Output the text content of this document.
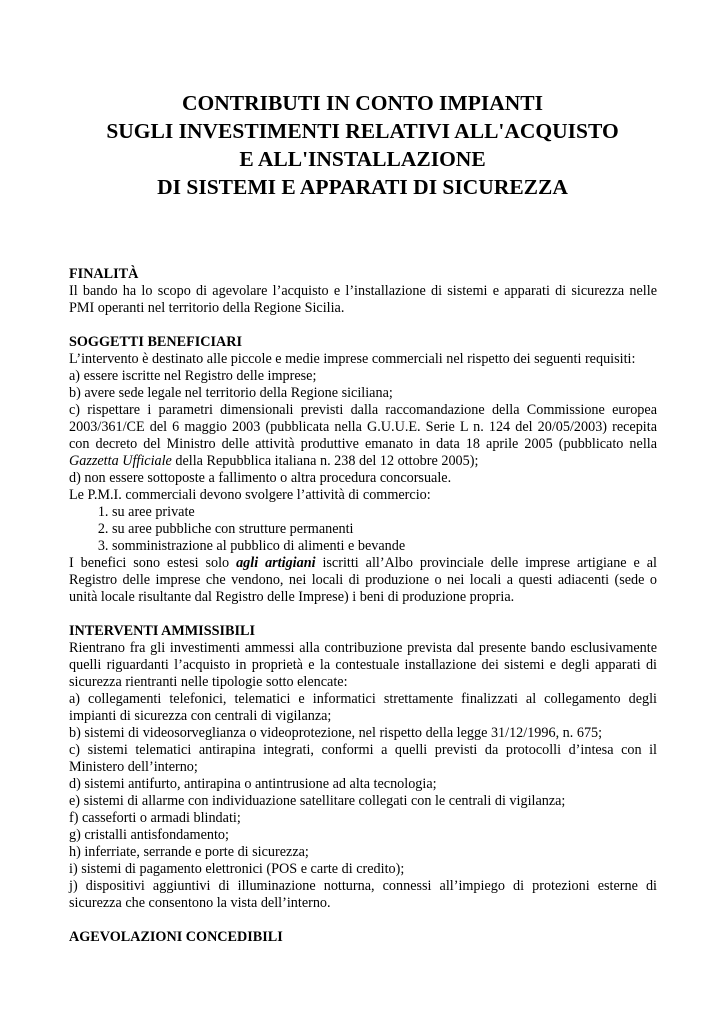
CONTRIBUTI IN CONTO IMPIANTI
SUGLI INVESTIMENTI RELATIVI ALL'ACQUISTO
E ALL'INSTALLAZIONE
DI SISTEMI E APPARATI DI SICUREZZA
FINALITÀ
Il bando ha lo scopo di agevolare l’acquisto e l’installazione di sistemi e apparati di sicurezza nelle PMI operanti nel territorio della Regione Sicilia.
SOGGETTI BENEFICIARI
L’intervento è destinato alle piccole e medie imprese commerciali nel rispetto dei seguenti requisiti:
a) essere iscritte nel Registro delle imprese;
b) avere sede legale nel territorio della Regione siciliana;
c) rispettare i parametri dimensionali previsti dalla raccomandazione della Commissione europea 2003/361/CE del 6 maggio 2003 (pubblicata nella G.U.U.E. Serie L n. 124 del 20/05/2003) recepita con decreto del Ministro delle attività produttive emanato in data 18 aprile 2005 (pubblicato nella Gazzetta Ufficiale della Repubblica italiana n. 238 del 12 ottobre 2005);
d) non essere sottoposte a fallimento o altra procedura concorsuale.
Le P.M.I. commerciali devono svolgere l’attività di commercio:
1. su aree private
2. su aree pubbliche con strutture permanenti
3. somministrazione al pubblico di alimenti e bevande
I benefici sono estesi solo agli artigiani iscritti all’Albo provinciale delle imprese artigiane e al Registro delle imprese che vendono, nei locali di produzione o nei locali a questi adiacenti (sede o unità locale risultante dal Registro delle Imprese) i beni di produzione propria.
INTERVENTI AMMISSIBILI
Rientrano fra gli investimenti ammessi alla contribuzione prevista dal presente bando esclusivamente quelli riguardanti l’acquisto in proprietà e la contestuale installazione dei sistemi e degli apparati di sicurezza rientranti nelle tipologie sotto elencate:
a) collegamenti telefonici, telematici e informatici strettamente finalizzati al collegamento degli impianti di sicurezza con centrali di vigilanza;
b) sistemi di videosorveglianza o videoprotezione, nel rispetto della legge 31/12/1996, n. 675;
c) sistemi telematici antirapina integrati, conformi a quelli previsti da protocolli d’intesa con il Ministero dell’interno;
d) sistemi antifurto, antirapina o antintrusione ad alta tecnologia;
e) sistemi di allarme con individuazione satellitare collegati con le centrali di vigilanza;
f) casseforti o armadi blindati;
g) cristalli antisfondamento;
h) inferriate, serrande e porte di sicurezza;
i) sistemi di pagamento elettronici (POS e carte di credito);
j) dispositivi aggiuntivi di illuminazione notturna, connessi all’impiego di protezioni esterne di sicurezza che consentono la vista dell’interno.
AGEVOLAZIONI CONCEDIBILI
